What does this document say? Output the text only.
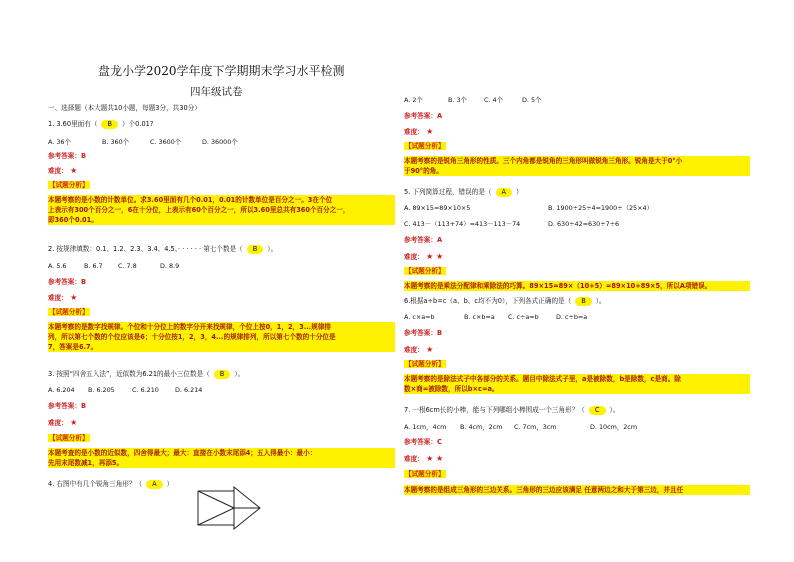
盘龙小学2020学年度下学期期末学习水平检测
四年级试卷
一、选择题（本大题共10小题，每题3分，共30分）
1. 3.60里面有（ B ）个0.01?
A. 36个	B. 360个	C. 3600个	D. 36000个
参考答案：B
难度： ★
【试题分析】
本题考察的是小数的计数单位。求3.60里面有几个0.01，0.01的计数单位是百分之一。3在个位
上表示有300个百分之一，6在十分位，上表示有60个百分之一，所以3.60里总共有360个百分之一，
即360个0.01。
2. 按规律填数：0.1、1.2、2.3、3.4、4.5、· · · · · · 第七个数是（ B ）。
A. 5.6	B. 6.7 C. 7.8	D. 8.9
参考答案：B
难度： ★
【试题分析】
本题考察的是数字找规律。个位和十分位上的数字分开来找规律，个位上按0，1，2，3...规律排
列，所以第七个数的个位应该是6；十分位按1，2，3，4...的规律排列，所以第七个数的十分位是
7，答案是6.7。
3. 按照“四舍五入法”，近似数为6.21的最小三位数是（ B ）。
A. 6.204 B. 6.205	C. 6.210	D. 6.214
参考答案：B
难度： ★
【试题分析】
本题考查的是小数的近似数，四舍得最大；最大：直接在小数末尾添4；五入得最小：最小：
先用末尾数减1，再添5。
4. 右图中有几个锐角三角形？（ A ）
A. 2个	B. 3个	C. 4个	D. 5个
参考答案：A
难度： ★
【试题分析】
本题考察的是锐角三角形的性质。三个内角都是锐角的三角形叫做锐角三角形。锐角是大于0°小
于90°的角。
5. 下列简算过程，错误的是（ A ）
A. 89×15=89×10×5	B. 1900÷25÷4=1900÷（25×4）
C. 413－（113+74）=413－113－74	D. 630÷42=630÷7÷6
参考答案：A
难度： ★ ★
【试题分析】
本题考察的是乘法分配律和乘除法的巧算。89×15=89×（10+5）=89×10+89×5，所以A项错误。
6.根据a÷b=c（a、b、c均不为0），下列各式正确的是（ B ）。
A. c×a=b	B. c×b=a C. c÷a=b	D. c÷b=a
参考答案：B
难度： ★
【试题分析】
本题考察的是除法式子中各部分的关系。题目中除法式子里，a是被除数，b是除数，c是商。除
数×商=被除数，所以b×c=a。
7. 一根6cm长的小棒，能与下列哪组小棒围成一个三角形？（ C ）。
A. 1cm，4cm B. 4cm，2cm C. 7cm，3cm	D. 10cm，2cm
参考答案：C
难度： ★ ★
【试题分析】
本题考察的是组成三角形的三边关系。三角形的三边应该满足 任意两边之和大于第三边，并且任
